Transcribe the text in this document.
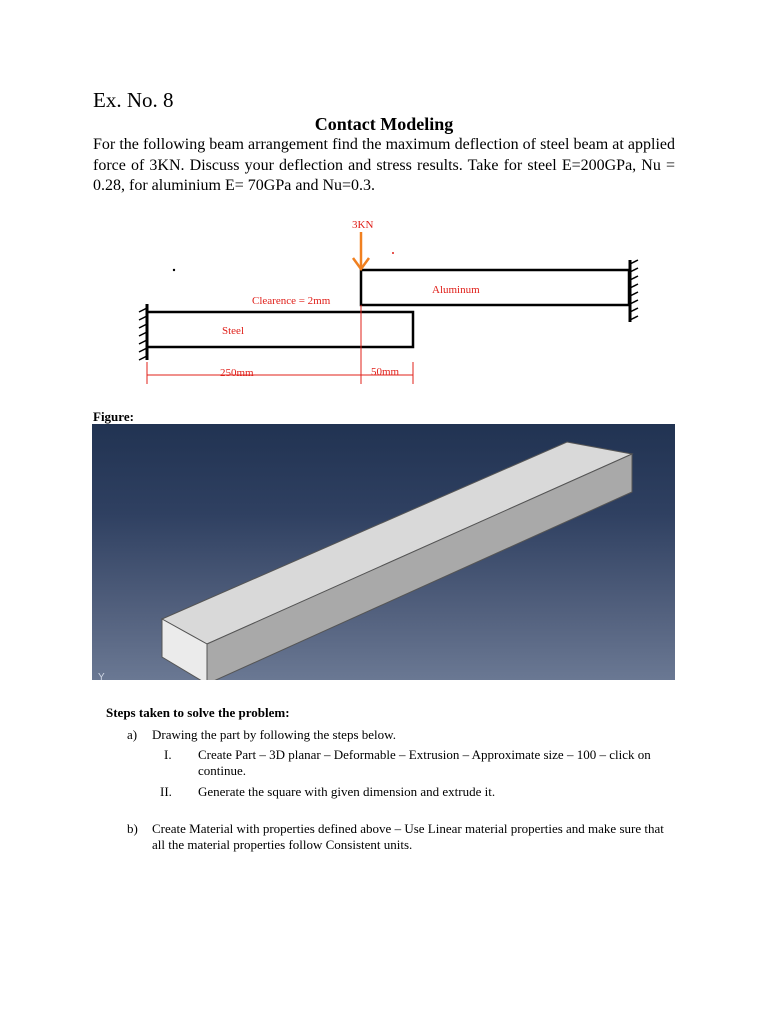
Ex. No. 8
Contact Modeling

For the following beam arrangement find the maximum deflection of steel beam at applied force of 3KN. Discuss your deflection and stress results. Take for steel E=200GPa, Nu = 0.28, for aluminium E= 70GPa and Nu=0.3.

3KN
Aluminum
Clearence = 2mm
Steel
250mm	50mm
Figure:
Y
Steps taken to solve the problem:
a) Drawing the part by following the steps below.
I. Create Part – 3D planar – Deformable – Extrusion – Approximate size – 100 – click on continue.
II. Generate the square with given dimension and extrude it.
b) Create Material with properties defined above – Use Linear material properties and make sure that all the material properties follow Consistent units.
